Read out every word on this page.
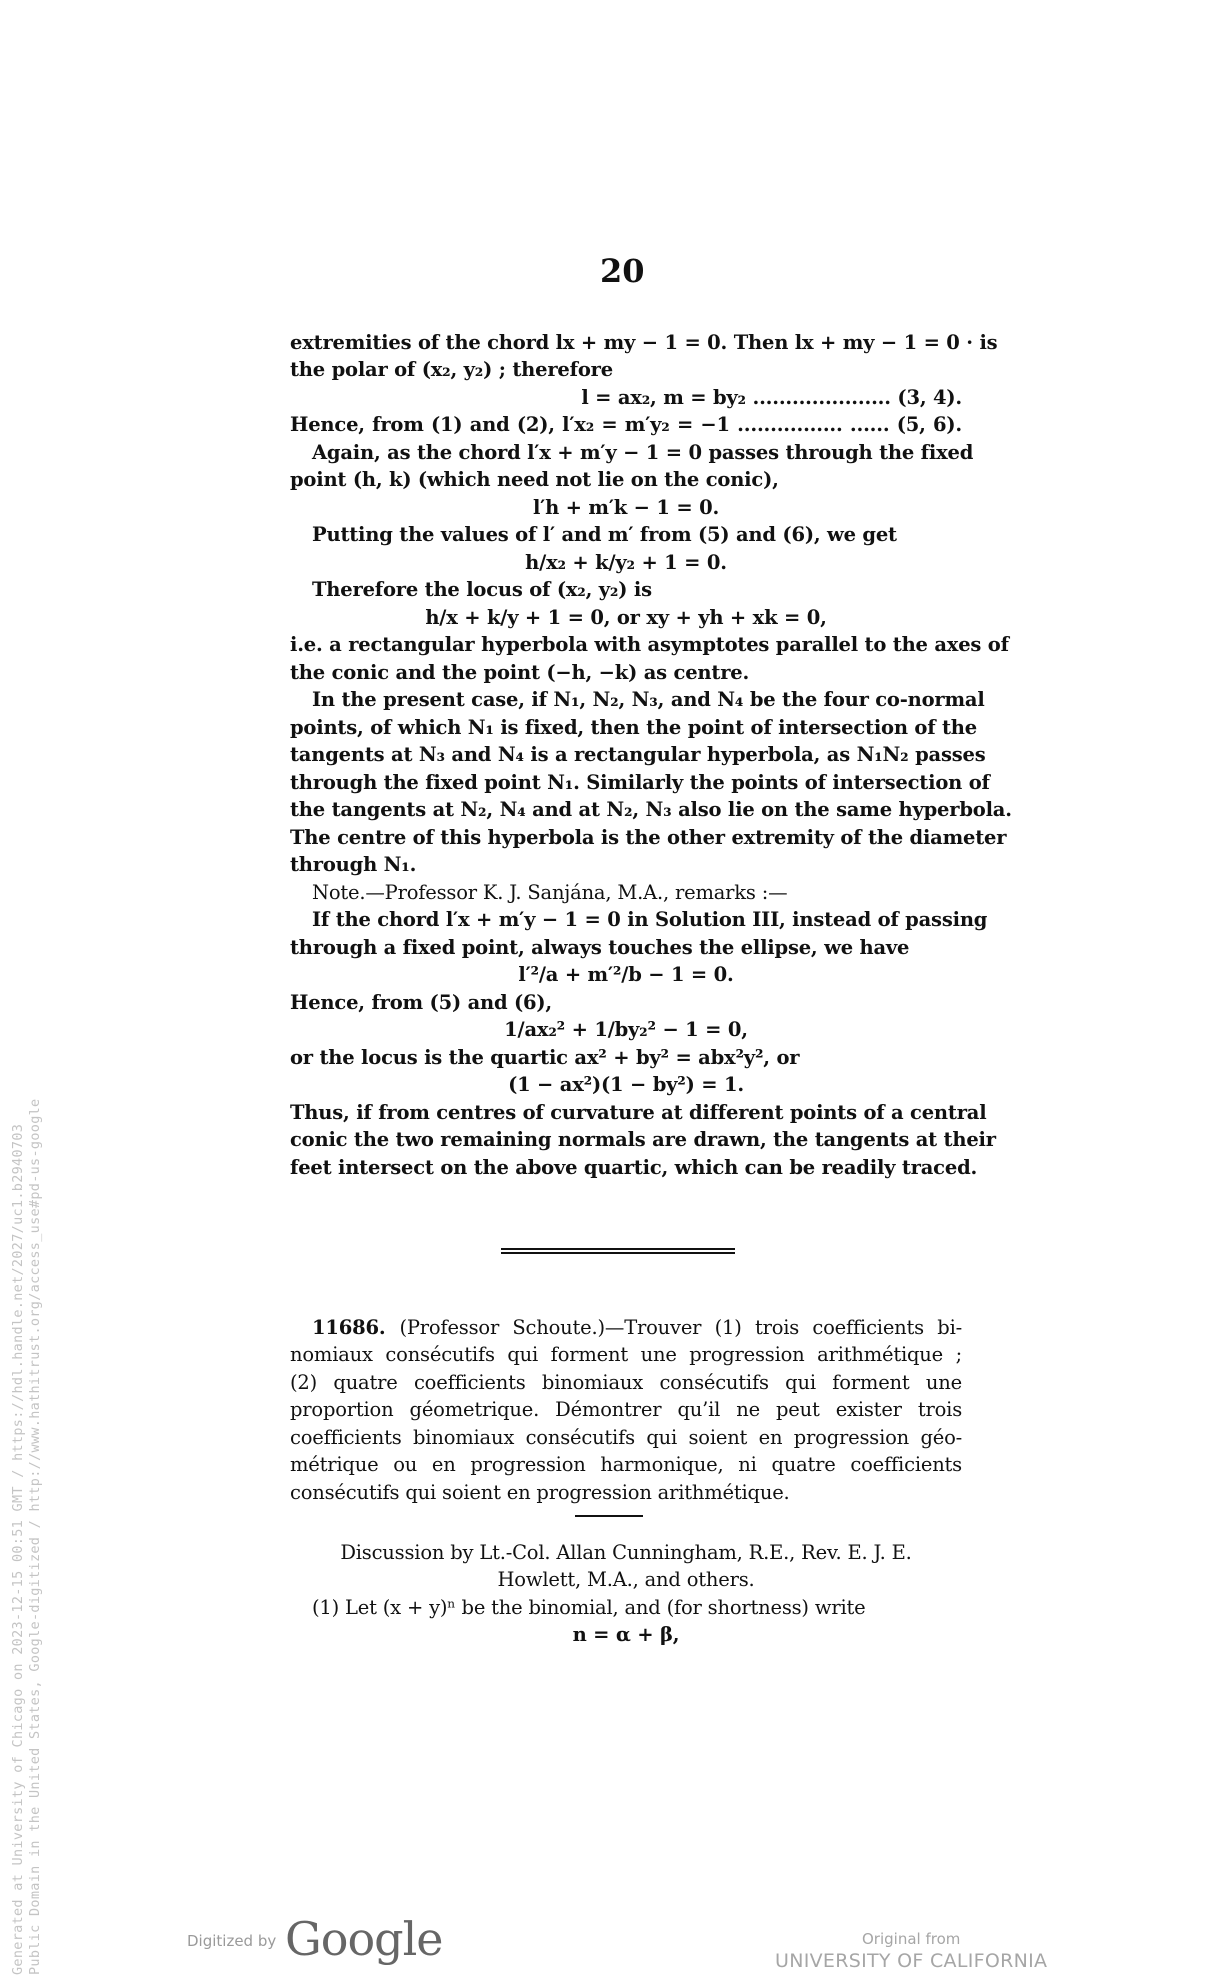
20
extremities of the chord lx + my − 1 = 0. Then lx + my − 1 = 0 · is
the polar of (x₂, y₂) ; therefore
l = ax₂, m = by₂ ..................... (3, 4).
Hence, from (1) and (2), l′x₂ = m′y₂ = −1 ................ ...... (5, 6).
Again, as the chord l′x + m′y − 1 = 0 passes through the fixed
point (h, k) (which need not lie on the conic),
l′h + m′k − 1 = 0.
Putting the values of l′ and m′ from (5) and (6), we get
h/x₂ + k/y₂ + 1 = 0.
Therefore the locus of (x₂, y₂) is
h/x + k/y + 1 = 0, or xy + yh + xk = 0,
i.e. a rectangular hyperbola with asymptotes parallel to the axes of
the conic and the point (−h, −k) as centre.
In the present case, if N₁, N₂, N₃, and N₄ be the four co-normal
points, of which N₁ is fixed, then the point of intersection of the
tangents at N₃ and N₄ is a rectangular hyperbola, as N₁N₂ passes
through the fixed point N₁. Similarly the points of intersection of
the tangents at N₂, N₄ and at N₂, N₃ also lie on the same hyperbola.
The centre of this hyperbola is the other extremity of the diameter
through N₁.
Note.—Professor K. J. Sanjána, M.A., remarks :—
If the chord l′x + m′y − 1 = 0 in Solution III, instead of passing
through a fixed point, always touches the ellipse, we have
l′²/a + m′²/b − 1 = 0.
Hence, from (5) and (6),
1/ax₂² + 1/by₂² − 1 = 0,
or the locus is the quartic ax² + by² = abx²y², or
(1 − ax²)(1 − by²) = 1.
Thus, if from centres of curvature at different points of a central
conic the two remaining normals are drawn, the tangents at their
feet intersect on the above quartic, which can be readily traced.
11686. (Professor Schoute.)—Trouver (1) trois coefficients bi-
nomiaux consécutifs qui forment une progression arithmétique ;
(2) quatre coefficients binomiaux consécutifs qui forment une
proportion géometrique. Démontrer qu’il ne peut exister trois
coefficients binomiaux consécutifs qui soient en progression géo-
métrique ou en progression harmonique, ni quatre coefficients
consécutifs qui soient en progression arithmétique.
Discussion by Lt.-Col. Allan Cunningham, R.E., Rev. E. J. E.
Howlett, M.A., and others.
(1) Let (x + y)ⁿ be the binomial, and (for shortness) write
n = α + β,
Generated at University of Chicago on 2023-12-15 00:51 GMT / https://hdl.handle.net/2027/uc1.b2940703 Public Domain in the United States, Google-digitized / http://www.hathitrust.org/access_use#pd-us-google	Digitized by Google	Original from
UNIVERSITY OF CALIFORNIA
